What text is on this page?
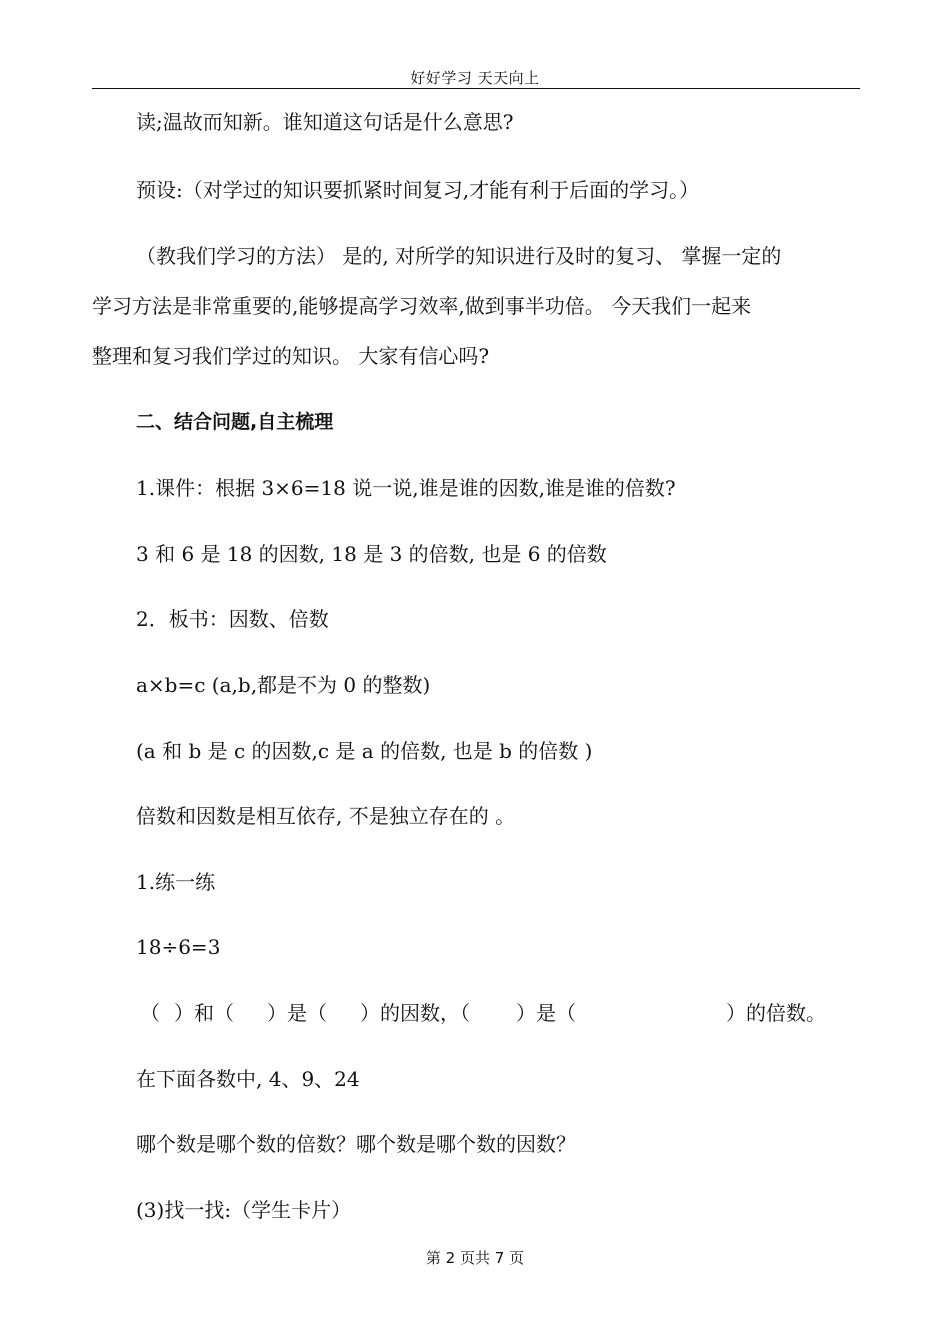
好好学习 天天向上
读;温故而知新。谁知道这句话是什么意思?
预设:（对学过的知识要抓紧时间复习,才能有利于后面的学习。）
（教我们学习的方法） 是的, 对所学的知识进行及时的复习、 掌握一定的
学习方法是非常重要的,能够提高学习效率,做到事半功倍。 今天我们一起来
整理和复习我们学过的知识。 大家有信心吗?
二、结合问题,自主梳理
1.课件：根据 3×6=18 说一说,谁是谁的因数,谁是谁的倍数?
3 和 6 是 18 的因数, 18 是 3 的倍数, 也是 6 的倍数
2．板书：因数、倍数
a×b=c (a,b,都是不为 0 的整数)
(a 和 b 是 c 的因数,c 是 a 的倍数, 也是 b 的倍数 )
倍数和因数是相互依存, 不是独立存在的 。
1.练一练
18÷6=3
（ ）和（ ）是（ ）的因数，（ ）是（	）的倍数。
在下面各数中, 4、9、24
哪个数是哪个数的倍数？哪个数是哪个数的因数？
(3)找一找:（学生卡片）
第 2 页共 7 页
